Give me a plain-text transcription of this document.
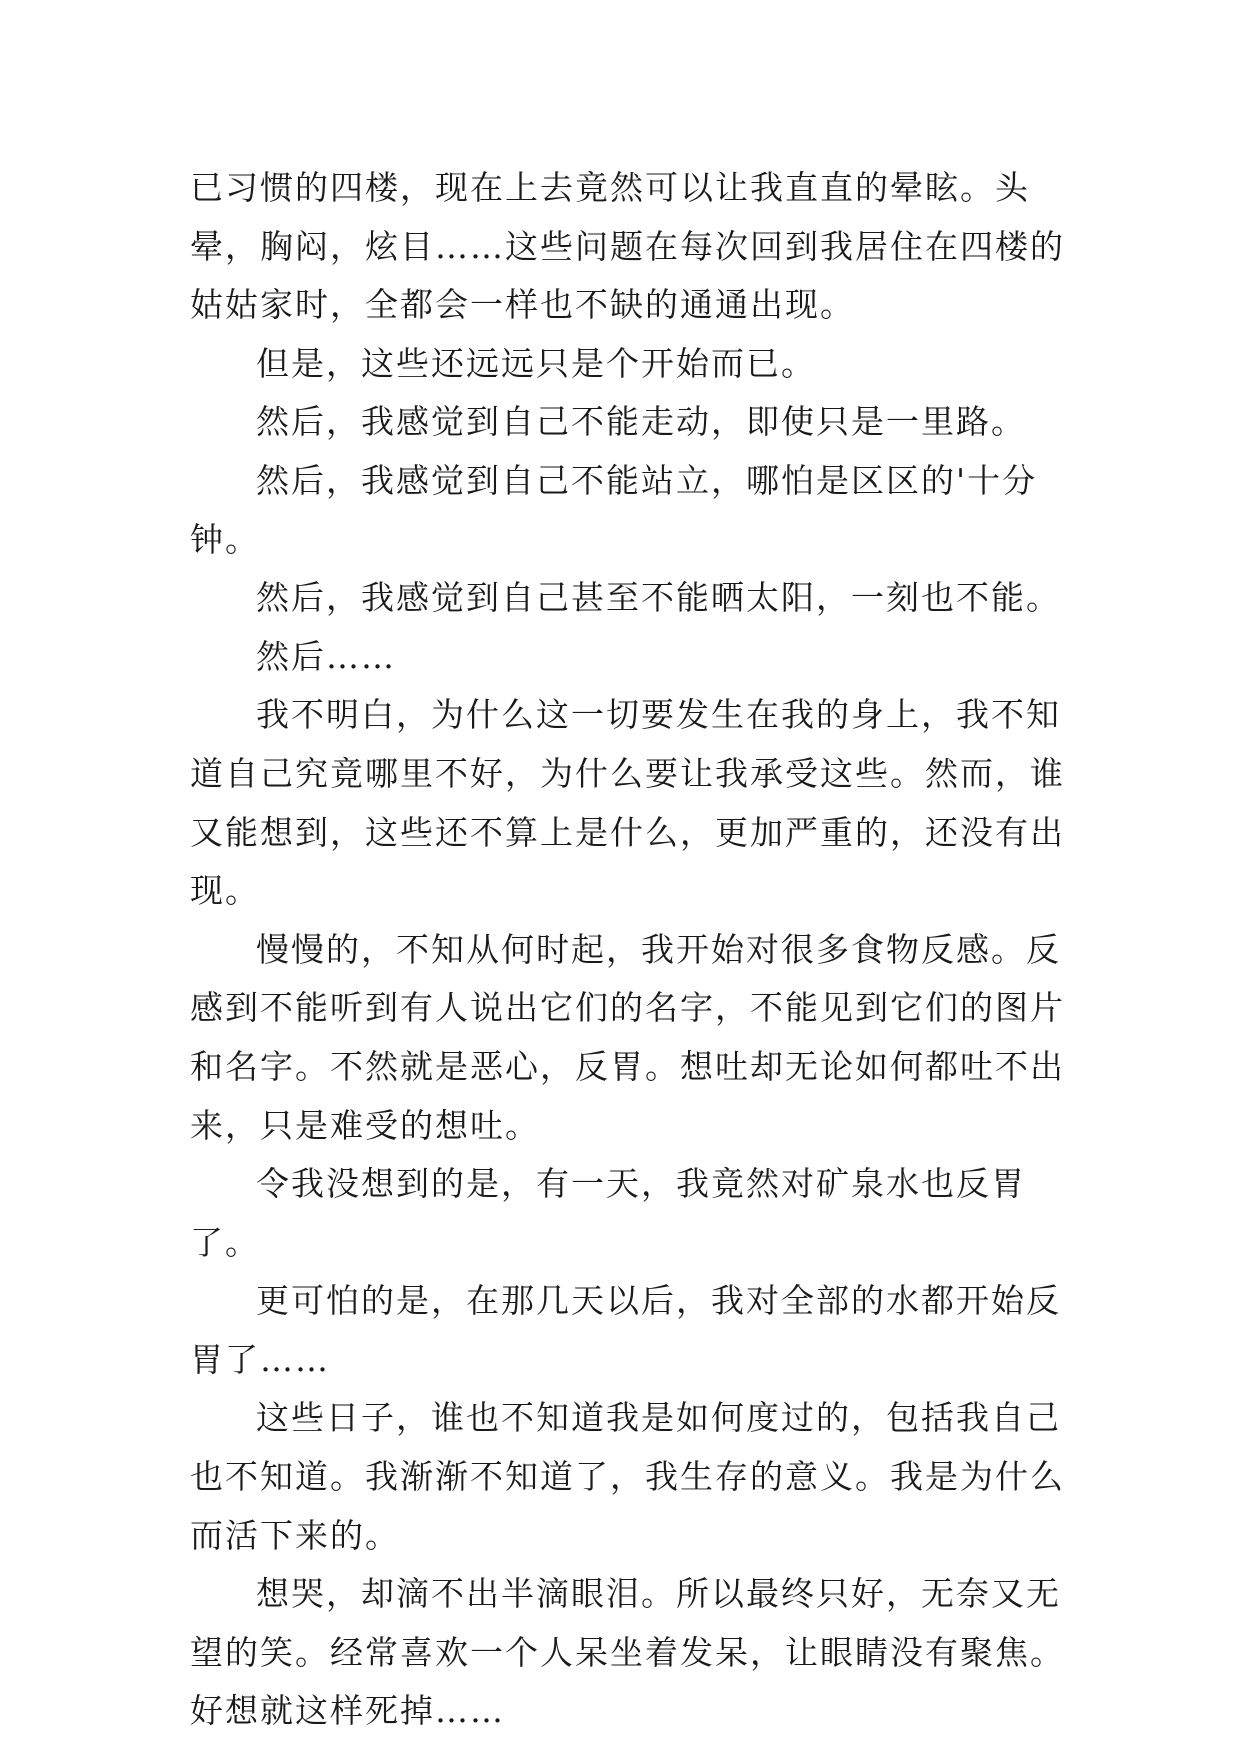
已习惯的四楼，现在上去竟然可以让我直直的晕眩。头晕，胸闷，炫目……这些问题在每次回到我居住在四楼的姑姑家时，全都会一样也不缺的通通出现。

但是，这些还远远只是个开始而已。

然后，我感觉到自己不能走动，即使只是一里路。

然后，我感觉到自己不能站立，哪怕是区区的'十分钟。

然后，我感觉到自己甚至不能晒太阳，一刻也不能。

然后……

我不明白，为什么这一切要发生在我的身上，我不知道自己究竟哪里不好，为什么要让我承受这些。然而，谁又能想到，这些还不算上是什么，更加严重的，还没有出现。

慢慢的，不知从何时起，我开始对很多食物反感。反感到不能听到有人说出它们的名字，不能见到它们的图片和名字。不然就是恶心，反胃。想吐却无论如何都吐不出来，只是难受的想吐。

令我没想到的是，有一天，我竟然对矿泉水也反胃了。

更可怕的是，在那几天以后，我对全部的水都开始反胃了……

这些日子，谁也不知道我是如何度过的，包括我自己也不知道。我渐渐不知道了，我生存的意义。我是为什么而活下来的。

想哭，却滴不出半滴眼泪。所以最终只好，无奈又无望的笑。经常喜欢一个人呆坐着发呆，让眼睛没有聚焦。好想就这样死掉……
